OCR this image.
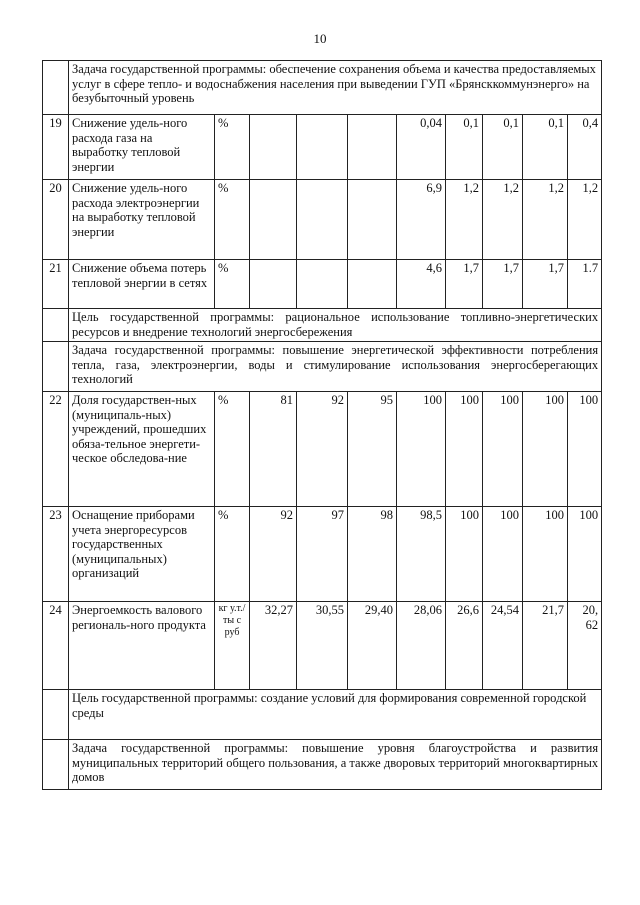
10
	Задача государственной программы: обеспечение сохранения объема и качества предоставляемых услуг в сфере тепло- и водоснабжения населения при выведении ГУП «Брянсккоммунэнерго» на безубыточный уровень									
19	Снижение удель-ного расхода газа на выработку тепловой энергии	%				0,04	0,1	0,1	0,1	0,4
20	Снижение удель-ного расхода электроэнергии на выработку тепловой энергии	%				6,9	1,2	1,2	1,2	1,2
21	Снижение объема потерь тепловой энергии в сетях	%				4,6	1,7	1,7	1,7	1.7
	Цель государственной программы: рациональное использование топливно-энергетических ресурсов и внедрение технологий энергосбережения									
	Задача государственной программы: повышение энергетической эффективности потребления тепла, газа, электроэнергии, воды и стимулирование использования энергосберегающих технологий									
22	Доля государствен-ных (муниципаль-ных) учреждений, прошедших обяза-тельное энергети-ческое обследова-ние	%	81	92	95	100	100	100	100	100
23	Оснащение приборами учета энергоресурсов государственных (муниципальных) организаций	%	92	97	98	98,5	100	100	100	100
24	Энергоемкость валового региональ-ного продукта	кг у.т./ты с руб	32,27	30,55	29,40	28,06	26,6	24,54	21,7	20, 62
	Цель государственной программы: создание условий для формирования современной городской среды									
	Задача государственной программы: повышение уровня благоустройства и развития муниципальных территорий общего пользования, а также дворовых территорий многоквартирных домов									
